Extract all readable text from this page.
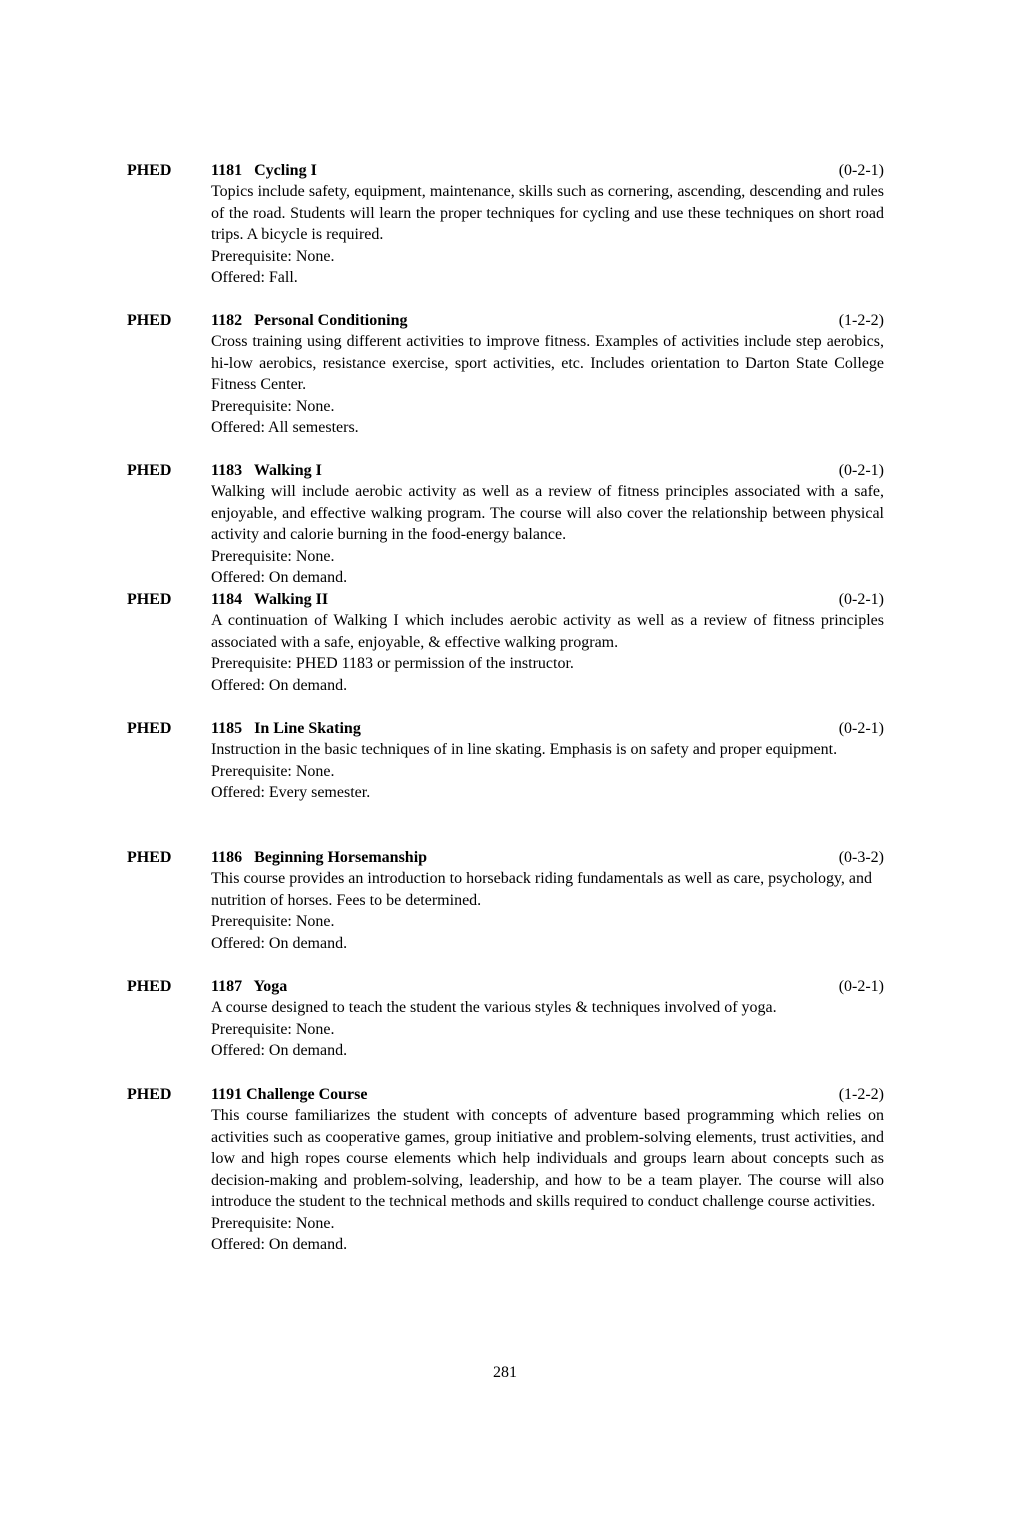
PHED 1181   Cycling I	(0-2-1)

Topics include safety, equipment, maintenance, skills such as cornering, ascending, descending and rules of the road. Students will learn the proper techniques for cycling and use these techniques on short road trips. A bicycle is required.

Prerequisite: None.

Offered: Fall.

PHED 1182   Personal Conditioning	(1-2-2)

Cross training using different activities to improve fitness. Examples of activities include step aerobics, hi-low aerobics, resistance exercise, sport activities, etc. Includes orientation to Darton State College Fitness Center.

Prerequisite: None.

Offered: All semesters.

PHED 1183   Walking I	(0-2-1)

Walking will include aerobic activity as well as a review of fitness principles associated with a safe, enjoyable, and effective walking program. The course will also cover the relationship between physical activity and calorie burning in the food-energy balance.

Prerequisite: None.

Offered: On demand.

PHED 1184   Walking II	(0-2-1)

A continuation of Walking I which includes aerobic activity as well as a review of fitness principles associated with a safe, enjoyable, & effective walking program.

Prerequisite: PHED 1183 or permission of the instructor.

Offered: On demand.

PHED 1185   In Line Skating	(0-2-1)

Instruction in the basic techniques of in line skating. Emphasis is on safety and proper equipment.

Prerequisite: None.

Offered: Every semester.

PHED 1186   Beginning Horsemanship	(0-3-2)

This course provides an introduction to horseback riding fundamentals as well as care, psychology, and nutrition of horses. Fees to be determined.

Prerequisite: None.

Offered: On demand.

PHED 1187   Yoga	(0-2-1)

A course designed to teach the student the various styles & techniques involved of yoga.

Prerequisite: None.

Offered: On demand.

PHED 1191 Challenge Course	(1-2-2)

This course familiarizes the student with concepts of adventure based programming which relies on activities such as cooperative games, group initiative and problem-solving elements, trust activities, and low and high ropes course elements which help individuals and groups learn about concepts such as decision-making and problem-solving, leadership, and how to be a team player. The course will also introduce the student to the technical methods and skills required to conduct challenge course activities.

Prerequisite: None.

Offered: On demand.

281
